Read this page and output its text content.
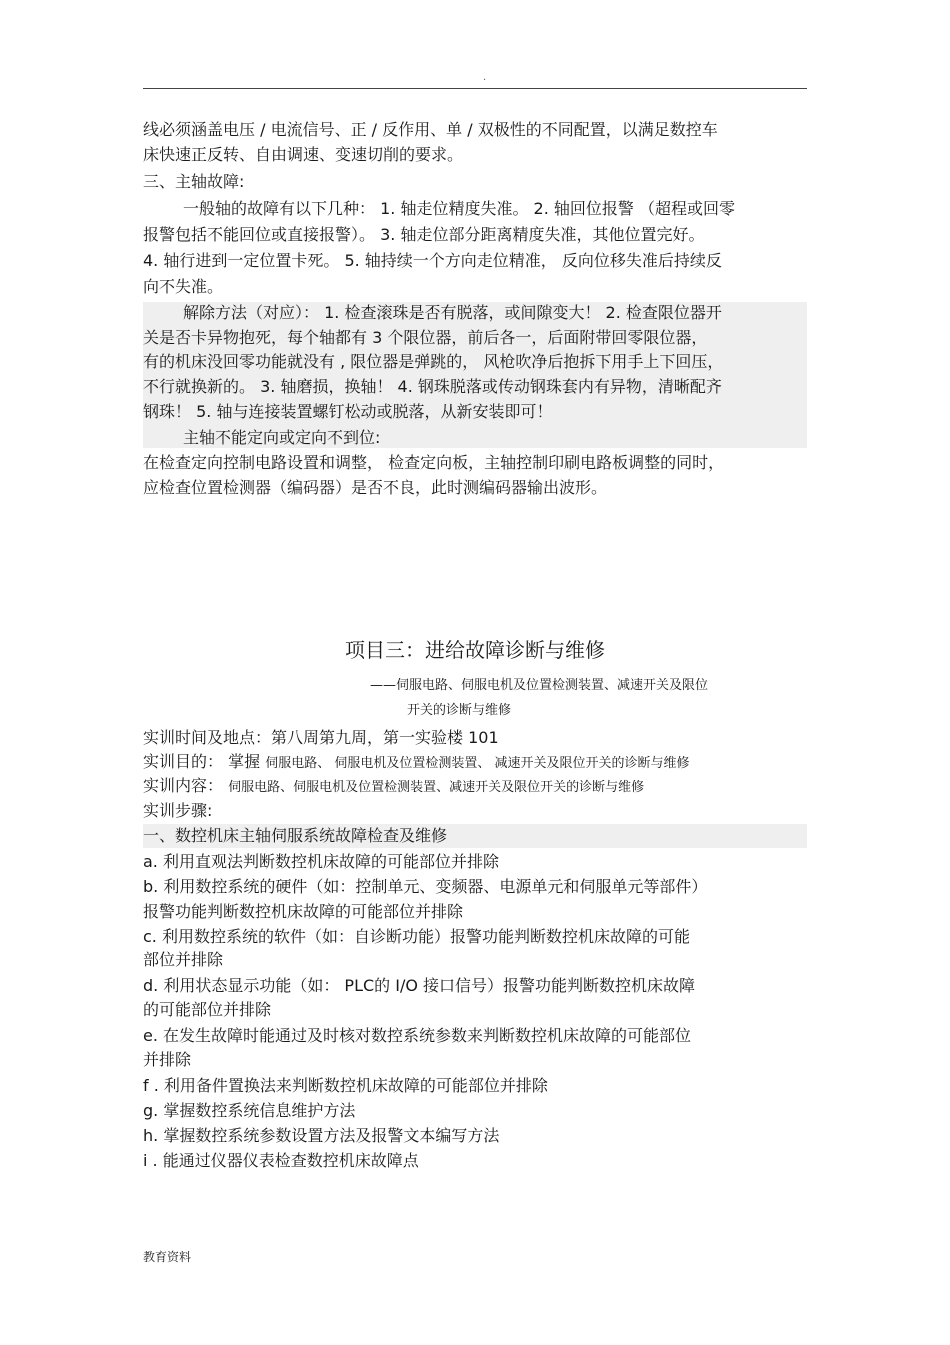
.
线必须涵盖电压 / 电流信号、正 / 反作用、单 / 双极性的不同配置，以满足数控车
床快速正反转、自由调速、变速切削的要求。
三、主轴故障:
一般轴的故障有以下几种： 1. 轴走位精度失准。 2. 轴回位报警 （超程或回零
报警包括不能回位或直接报警）。 3. 轴走位部分距离精度失准，其他位置完好。
4. 轴行进到一定位置卡死。 5. 轴持续一个方向走位精准， 反向位移失准后持续反
向不失准。
解除方法（对应）： 1. 检查滚珠是否有脱落，或间隙变大！ 2. 检查限位器开
关是否卡异物抱死，每个轴都有 3 个限位器，前后各一，后面附带回零限位器，
有的机床没回零功能就没有 , 限位器是弹跳的， 风枪吹净后抱拆下用手上下回压，
不行就换新的。 3. 轴磨损，换轴！ 4. 钢珠脱落或传动钢珠套内有异物，清晰配齐
钢珠！ 5. 轴与连接装置螺钉松动或脱落，从新安装即可！
主轴不能定向或定向不到位:
在检查定向控制电路设置和调整， 检查定向板，主轴控制印刷电路板调整的同时，
应检查位置检测器（编码器）是否不良，此时测编码器输出波形。
项目三：进给故障诊断与维修
——伺服电路、伺服电机及位置检测装置、减速开关及限位
开关的诊断与维修
实训时间及地点：第八周第九周，第一实验楼 101
实训目的： 掌握 伺服电路、 伺服电机及位置检测装置、 减速开关及限位开关的诊断与维修
实训内容： 伺服电路、伺服电机及位置检测装置、减速开关及限位开关的诊断与维修
实训步骤:
一、数控机床主轴伺服系统故障检查及维修
a. 利用直观法判断数控机床故障的可能部位并排除
b. 利用数控系统的硬件（如：控制单元、变频器、电源单元和伺服单元等部件）
报警功能判断数控机床故障的可能部位并排除
c. 利用数控系统的软件（如：自诊断功能）报警功能判断数控机床故障的可能
部位并排除
d. 利用状态显示功能（如： PLC的 I/O 接口信号）报警功能判断数控机床故障
的可能部位并排除
e. 在发生故障时能通过及时核对数控系统参数来判断数控机床故障的可能部位
并排除
f . 利用备件置换法来判断数控机床故障的可能部位并排除
g. 掌握数控系统信息维护方法
h. 掌握数控系统参数设置方法及报警文本编写方法
i . 能通过仪器仪表检查数控机床故障点
教育资料
